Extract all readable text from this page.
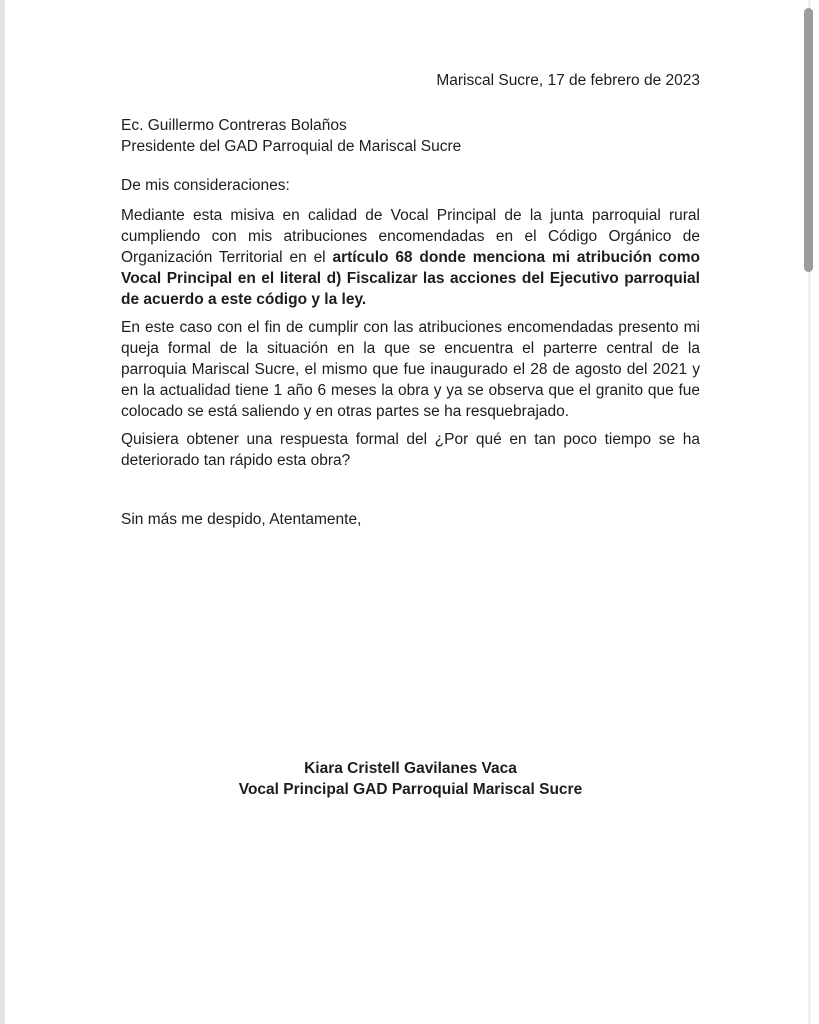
Mariscal Sucre, 17 de febrero de 2023
Ec. Guillermo Contreras Bolaños
Presidente del GAD Parroquial de Mariscal Sucre
De mis consideraciones:

Mediante esta misiva en calidad de Vocal Principal de la junta parroquial rural cumpliendo con mis atribuciones encomendadas en el Código Orgánico de Organización Territorial en el artículo 68 donde menciona mi atribución como Vocal Principal en el literal d) Fiscalizar las acciones del Ejecutivo parroquial de acuerdo a este código y la ley.

En este caso con el fin de cumplir con las atribuciones encomendadas presento mi queja formal de la situación en la que se encuentra el parterre central de la parroquia Mariscal Sucre, el mismo que fue inaugurado el 28 de agosto del 2021 y en la actualidad tiene 1 año 6 meses la obra y ya se observa que el granito que fue colocado se está saliendo y en otras partes se ha resquebrajado.

Quisiera obtener una respuesta formal del ¿Por qué en tan poco tiempo se ha deteriorado tan rápido esta obra?

Sin más me despido, Atentamente,
Kiara Cristell Gavilanes Vaca
Vocal Principal GAD Parroquial Mariscal Sucre
